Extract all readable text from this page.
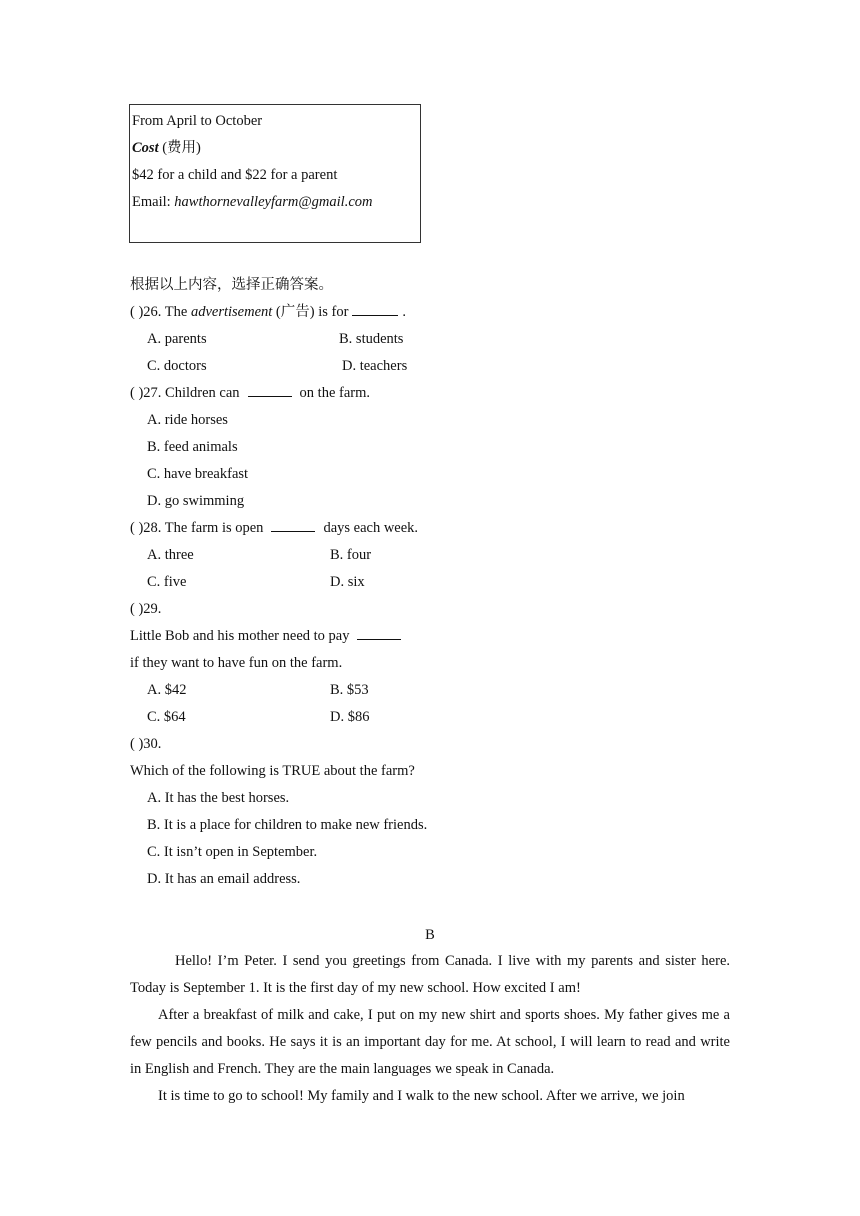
From April to October
Cost (费用)
$42 for a child and $22 for a parent
Email: hawthornevalleyfarm@gmail.com
根据以上内容，选择正确答案。
( )26. The advertisement (广告) is for	.
A. parents	B. students
C. doctors	D. teachers
( )27. Children can	on the farm.
A. ride horses
B. feed animals
C. have breakfast
D. go swimming
( )28. The farm is open	days each week.
A. three	B. four
C. five	D. six
( )29.
Little Bob and his mother need to pay
if they want to have fun on the farm.
A. $42	B. $53
C. $64	D. $86
( )30.
Which of the following is TRUE about the farm?
A. It has the best horses.
B. It is a place for children to make new friends.
C. It isn’t open in September.
D. It has an email address.
B
Hello! I’m Peter. I send you greetings from Canada. I live with my parents and sister here. Today is September 1. It is the first day of my new school. How excited I am!
After a breakfast of milk and cake, I put on my new shirt and sports shoes. My father gives me a few pencils and books. He says it is an important day for me. At school, I will learn to read and write in English and French. They are the main languages we speak in Canada.
It is time to go to school! My family and I walk to the new school. After we arrive, we join
